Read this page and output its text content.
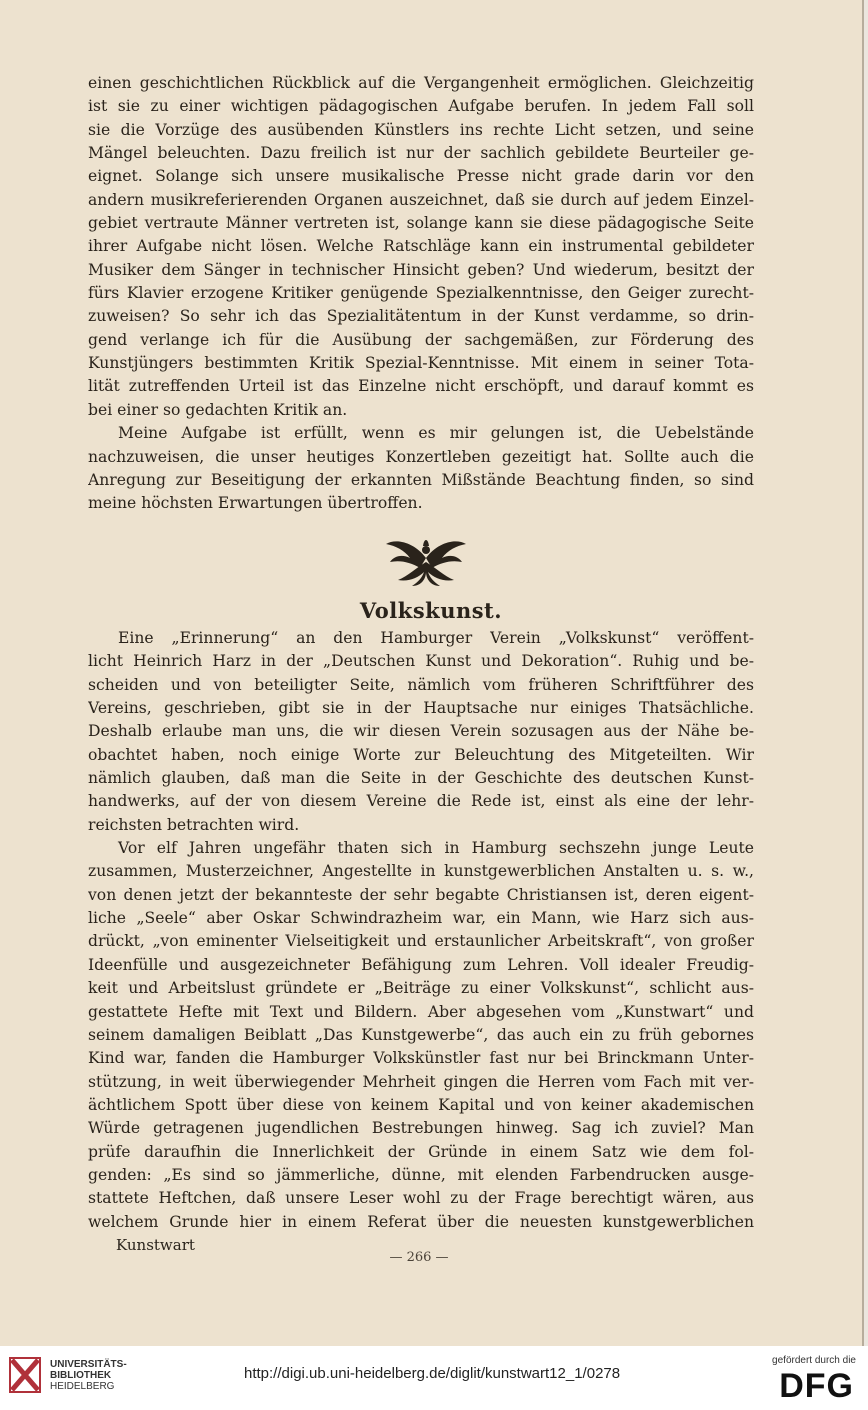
einen geschichtlichen Rückblick auf die Vergangenheit ermöglichen. Gleichzeitig
ist sie zu einer wichtigen pädagogischen Aufgabe berufen. In jedem Fall soll
sie die Vorzüge des ausübenden Künstlers ins rechte Licht setzen, und seine
Mängel beleuchten. Dazu freilich ist nur der sachlich gebildete Beurteiler ge-
eignet. Solange sich unsere musikalische Presse nicht grade darin vor den
andern musikreferierenden Organen auszeichnet, daß sie durch auf jedem Einzel-
gebiet vertraute Männer vertreten ist, solange kann sie diese pädagogische Seite
ihrer Aufgabe nicht lösen. Welche Ratschläge kann ein instrumental gebildeter
Musiker dem Sänger in technischer Hinsicht geben? Und wiederum, besitzt der
fürs Klavier erzogene Kritiker genügende Spezialkenntnisse, den Geiger zurecht-
zuweisen? So sehr ich das Spezialitätentum in der Kunst verdamme, so drin-
gend verlange ich für die Ausübung der sachgemäßen, zur Förderung des
Kunstjüngers bestimmten Kritik Spezial-Kenntnisse. Mit einem in seiner Tota-
lität zutreffenden Urteil ist das Einzelne nicht erschöpft, und darauf kommt es
bei einer so gedachten Kritik an.
Meine Aufgabe ist erfüllt, wenn es mir gelungen ist, die Uebelstände
nachzuweisen, die unser heutiges Konzertleben gezeitigt hat. Sollte auch die
Anregung zur Beseitigung der erkannten Mißstände Beachtung finden, so sind
meine höchsten Erwartungen übertroffen.
Volkskunst.
Eine „Erinnerung“ an den Hamburger Verein „Volkskunst“ veröffent-
licht Heinrich Harz in der „Deutschen Kunst und Dekoration“. Ruhig und be-
scheiden und von beteiligter Seite, nämlich vom früheren Schriftführer des
Vereins, geschrieben, gibt sie in der Hauptsache nur einiges Thatsächliche.
Deshalb erlaube man uns, die wir diesen Verein sozusagen aus der Nähe be-
obachtet haben, noch einige Worte zur Beleuchtung des Mitgeteilten. Wir
nämlich glauben, daß man die Seite in der Geschichte des deutschen Kunst-
handwerks, auf der von diesem Vereine die Rede ist, einst als eine der lehr-
reichsten betrachten wird.
Vor elf Jahren ungefähr thaten sich in Hamburg sechszehn junge Leute
zusammen, Musterzeichner, Angestellte in kunstgewerblichen Anstalten u. s. w.,
von denen jetzt der bekannteste der sehr begabte Christiansen ist, deren eigent-
liche „Seele“ aber Oskar Schwindrazheim war, ein Mann, wie Harz sich aus-
drückt, „von eminenter Vielseitigkeit und erstaunlicher Arbeitskraft“, von großer
Ideenfülle und ausgezeichneter Befähigung zum Lehren. Voll idealer Freudig-
keit und Arbeitslust gründete er „Beiträge zu einer Volkskunst“, schlicht aus-
gestattete Hefte mit Text und Bildern. Aber abgesehen vom „Kunstwart“ und
seinem damaligen Beiblatt „Das Kunstgewerbe“, das auch ein zu früh gebornes
Kind war, fanden die Hamburger Volkskünstler fast nur bei Brinckmann Unter-
stützung, in weit überwiegender Mehrheit gingen die Herren vom Fach mit ver-
ächtlichem Spott über diese von keinem Kapital und von keiner akademischen
Würde getragenen jugendlichen Bestrebungen hinweg. Sag ich zuviel? Man
prüfe daraufhin die Innerlichkeit der Gründe in einem Satz wie dem fol-
genden: „Es sind so jämmerliche, dünne, mit elenden Farbendrucken ausge-
stattete Heftchen, daß unsere Leser wohl zu der Frage berechtigt wären, aus
welchem Grunde hier in einem Referat über die neuesten kunstgewerblichen
Kunstwart
— 266 —
UNIVERSITÄTS-
BIBLIOTHEK
HEIDELBERG
http://digi.ub.uni-heidelberg.de/diglit/kunstwart12_1/0278
gefördert durch die
DFG
